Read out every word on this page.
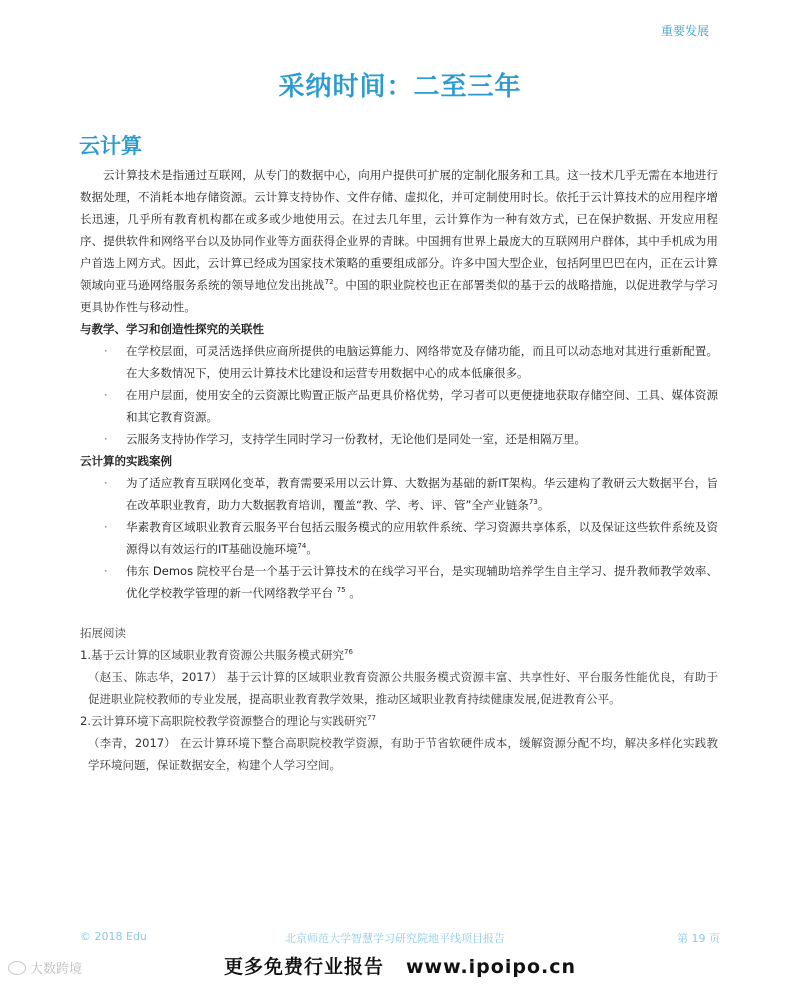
重要发展
采纳时间：二至三年
云计算

云计算技术是指通过互联网，从专门的数据中心，向用户提供可扩展的定制化服务和工具。这一技术几乎无需在本地进行数据处理，不消耗本地存储资源。云计算支持协作、文件存储、虚拟化，并可定制使用时长。依托于云计算技术的应用程序增长迅速，几乎所有教育机构都在或多或少地使用云。在过去几年里，云计算作为一种有效方式，已在保护数据、开发应用程序、提供软件和网络平台以及协同作业等方面获得企业界的青睐。中国拥有世界上最庞大的互联网用户群体，其中手机成为用户首选上网方式。因此，云计算已经成为国家技术策略的重要组成部分。许多中国大型企业，包括阿里巴巴在内，正在云计算领域向亚马逊网络服务系统的领导地位发出挑战$^{72}$。中国的职业院校也正在部署类似的基于云的战略措施，以促进教学与学习更具协作性与移动性。

与教学、学习和创造性探究的关联性

· 在学校层面，可灵活选择供应商所提供的电脑运算能力、网络带宽及存储功能，而且可以动态地对其进行重新配置。在大多数情况下，使用云计算技术比建设和运营专用数据中心的成本低廉很多。
· 在用户层面，使用安全的云资源比购置正版产品更具价格优势，学习者可以更便捷地获取存储空间、工具、媒体资源和其它教育资源。
· 云服务支持协作学习，支持学生同时学习一份教材，无论他们是同处一室，还是相隔万里。

云计算的实践案例

· 为了适应教育互联网化变革，教育需要采用以云计算、大数据为基础的新IT架构。华云建构了教研云大数据平台，旨在改革职业教育，助力大数据教育培训，覆盖“教、学、考、评、管”全产业链条$^{73}$。
· 华素教育区域职业教育云服务平台包括云服务模式的应用软件系统、学习资源共享体系，以及保证这些软件系统及资源得以有效运行的IT基础设施环境$^{74}$。
· 伟东 Demos 院校平台是一个基于云计算技术的在线学习平台，是实现辅助培养学生自主学习、提升教师教学效率、优化学校教学管理的新一代网络教学平台 $^{75}$ 。

拓展阅读

1.基于云计算的区域职业教育资源公共服务模式研究$^{76}$

（赵玉、陈志华，2017） 基于云计算的区域职业教育资源公共服务模式资源丰富、共享性好、平台服务性能优良，有助于促进职业院校教师的专业发展，提高职业教育教学效果，推动区域职业教育持续健康发展,促进教育公平。

2.云计算环境下高职院校教学资源整合的理论与实践研究$^{77}$

（李青，2017） 在云计算环境下整合高职院校教学资源，有助于节省软硬件成本，缓解资源分配不均，解决多样化实践教学环境问题，保证数据安全，构建个人学习空间。

© 2018 Edu	北京师范大学智慧学习研究院地平线项目报告	第 19 页
更多免费行业报告 www.ipoipo.cn
大数跨境
